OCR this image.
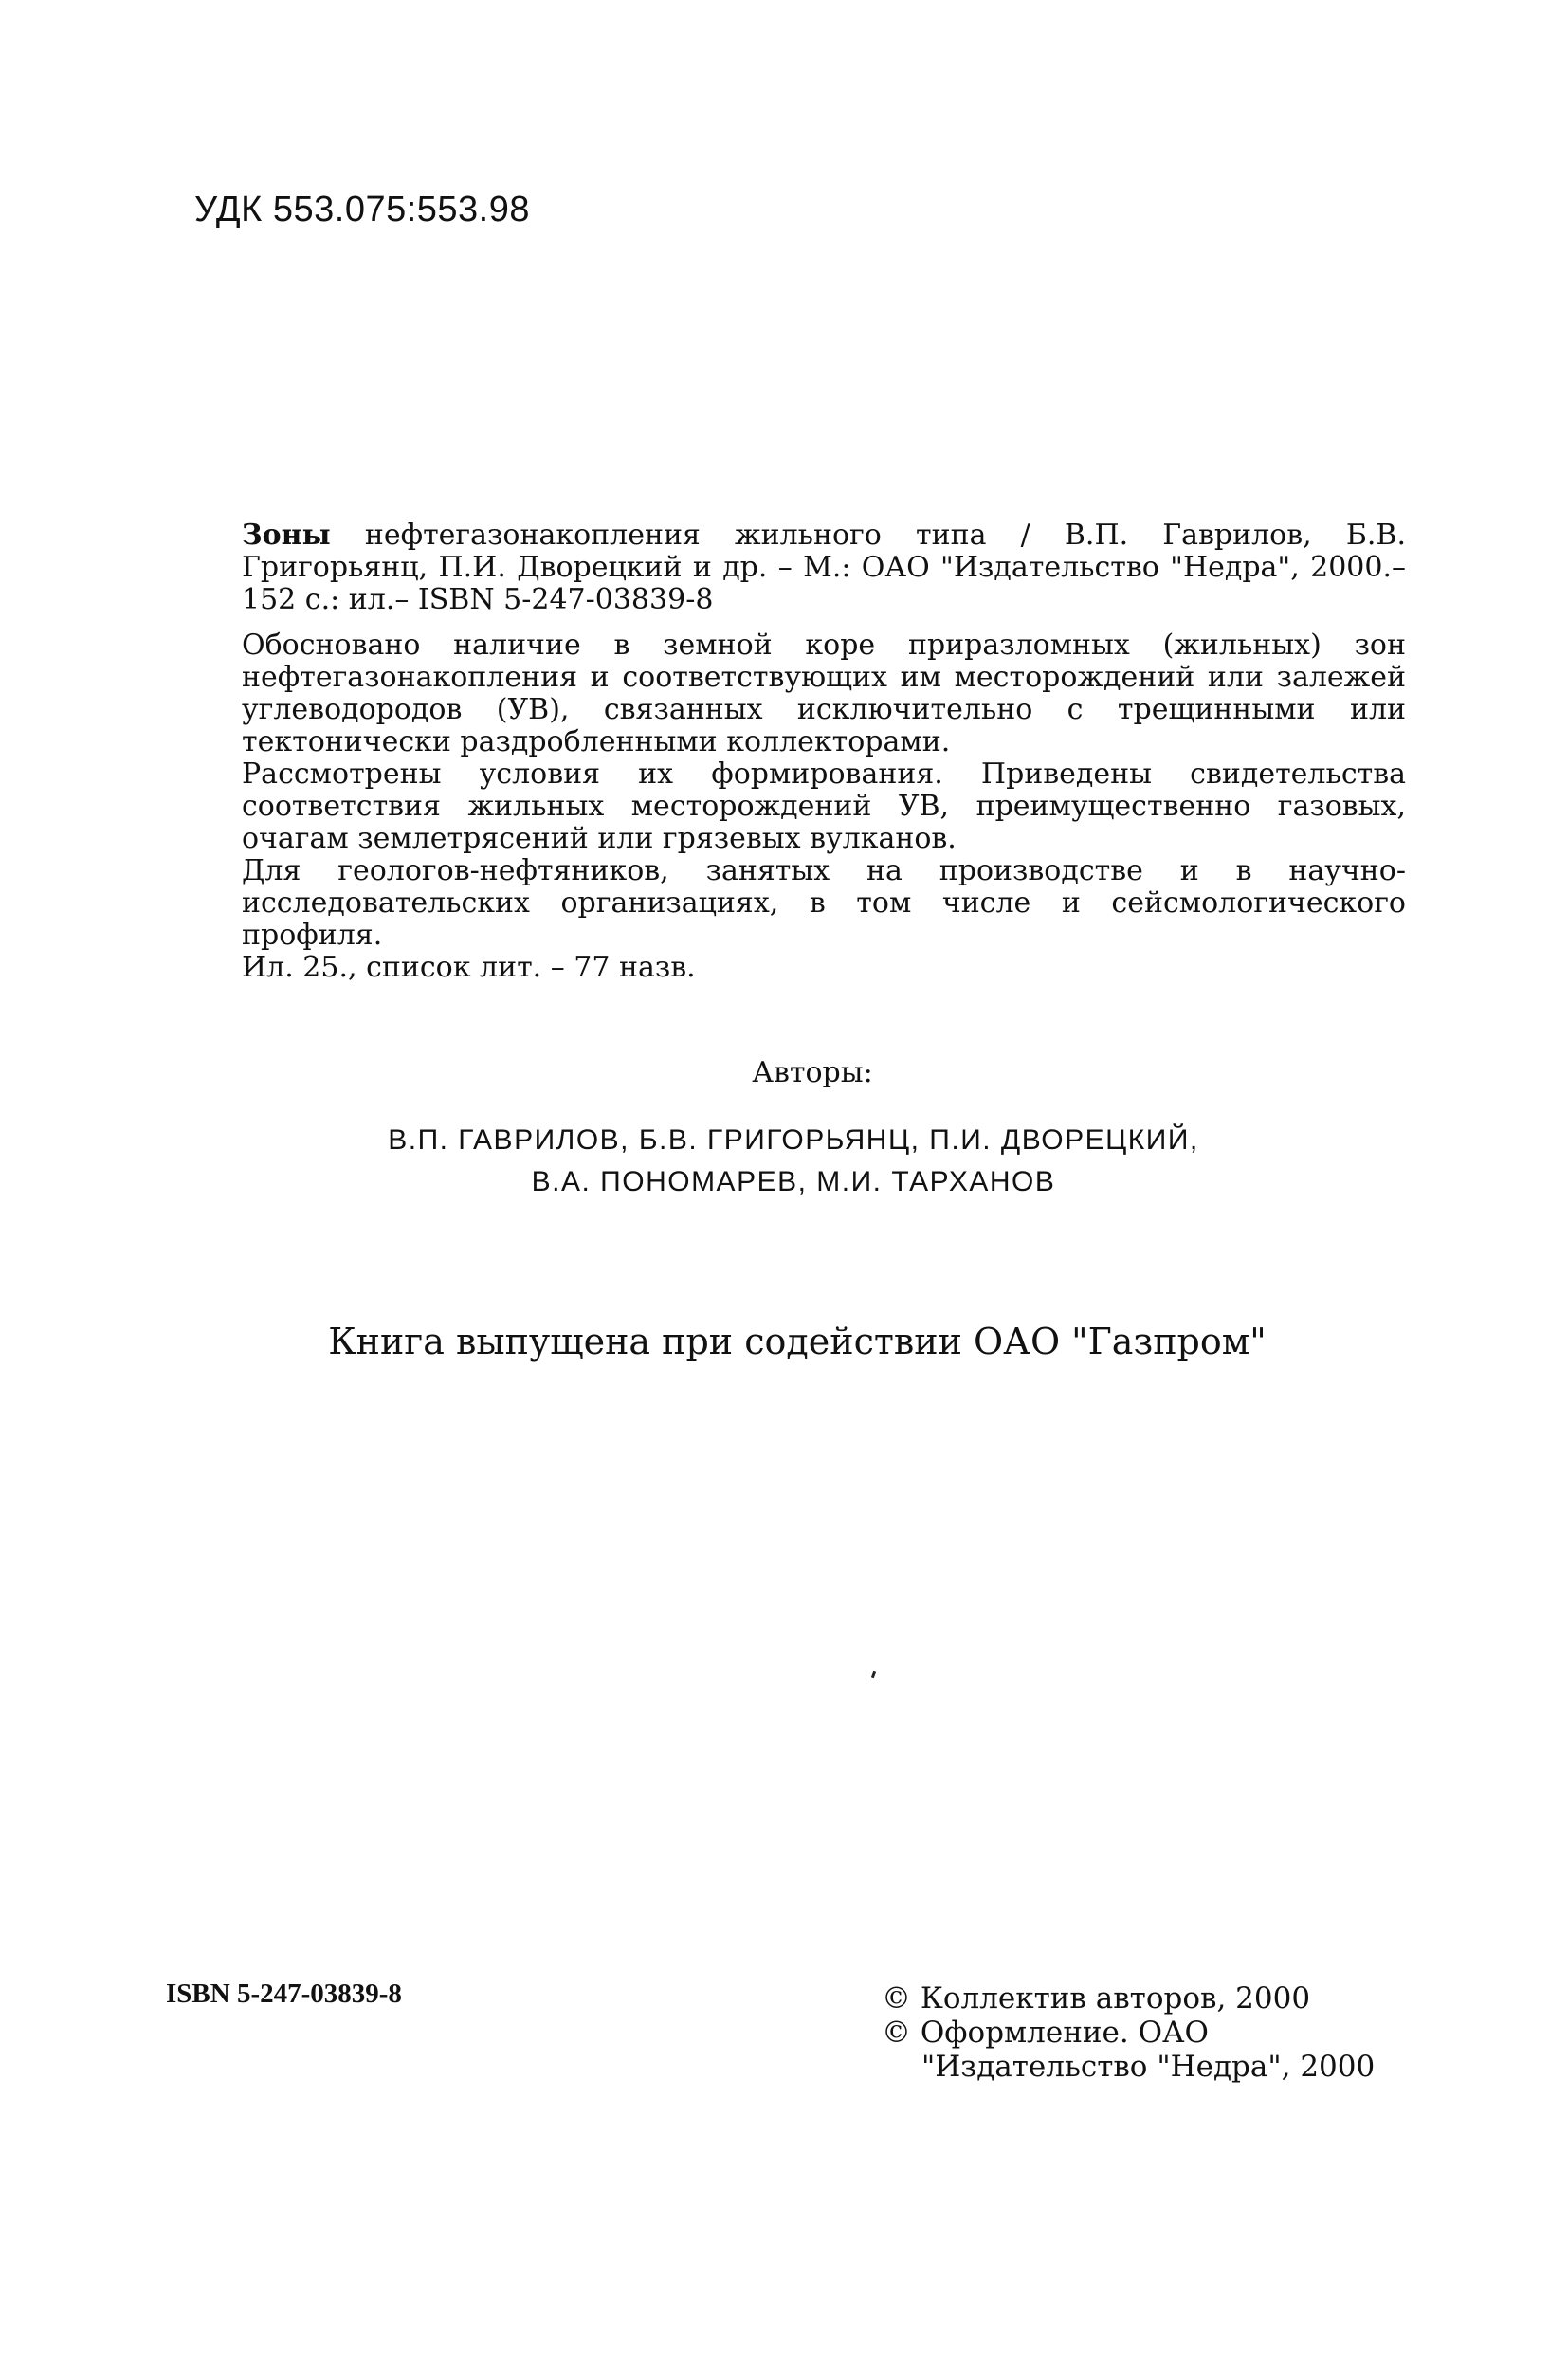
УДК 553.075:553.98

Зоны нефтегазонакопления жильного типа / В.П. Гаврилов, Б.В. Григорьянц, П.И. Дворецкий и др. – М.: ОАО "Издательство "Недра", 2000.– 152 с.: ил.– ISBN 5-247-03839-8

Обосновано наличие в земной коре приразломных (жильных) зон нефтегазонакопления и соответствующих им месторождений или залежей углеводородов (УВ), связанных исключительно с трещинными или тектонически раздробленными коллекторами.

Рассмотрены условия их формирования. Приведены свидетельства соответствия жильных месторождений УВ, преимущественно газовых, очагам землетрясений или грязевых вулканов.

Для геологов-нефтяников, занятых на производстве и в научно-исследовательских организациях, в том числе и сейсмологического профиля.

Ил. 25., список лит. – 77 назв.

Авторы:
В.П. ГАВРИЛОВ, Б.В. ГРИГОРЬЯНЦ, П.И. ДВОРЕЦКИЙ,
В.А. ПОНОМАРЕВ, М.И. ТАРХАНОВ
Книга выпущена при содействии ОАО "Газпром"
ISBN 5-247-03839-8	© Коллектив авторов, 2000
© Оформление. ОАО
"Издательство "Недра", 2000
